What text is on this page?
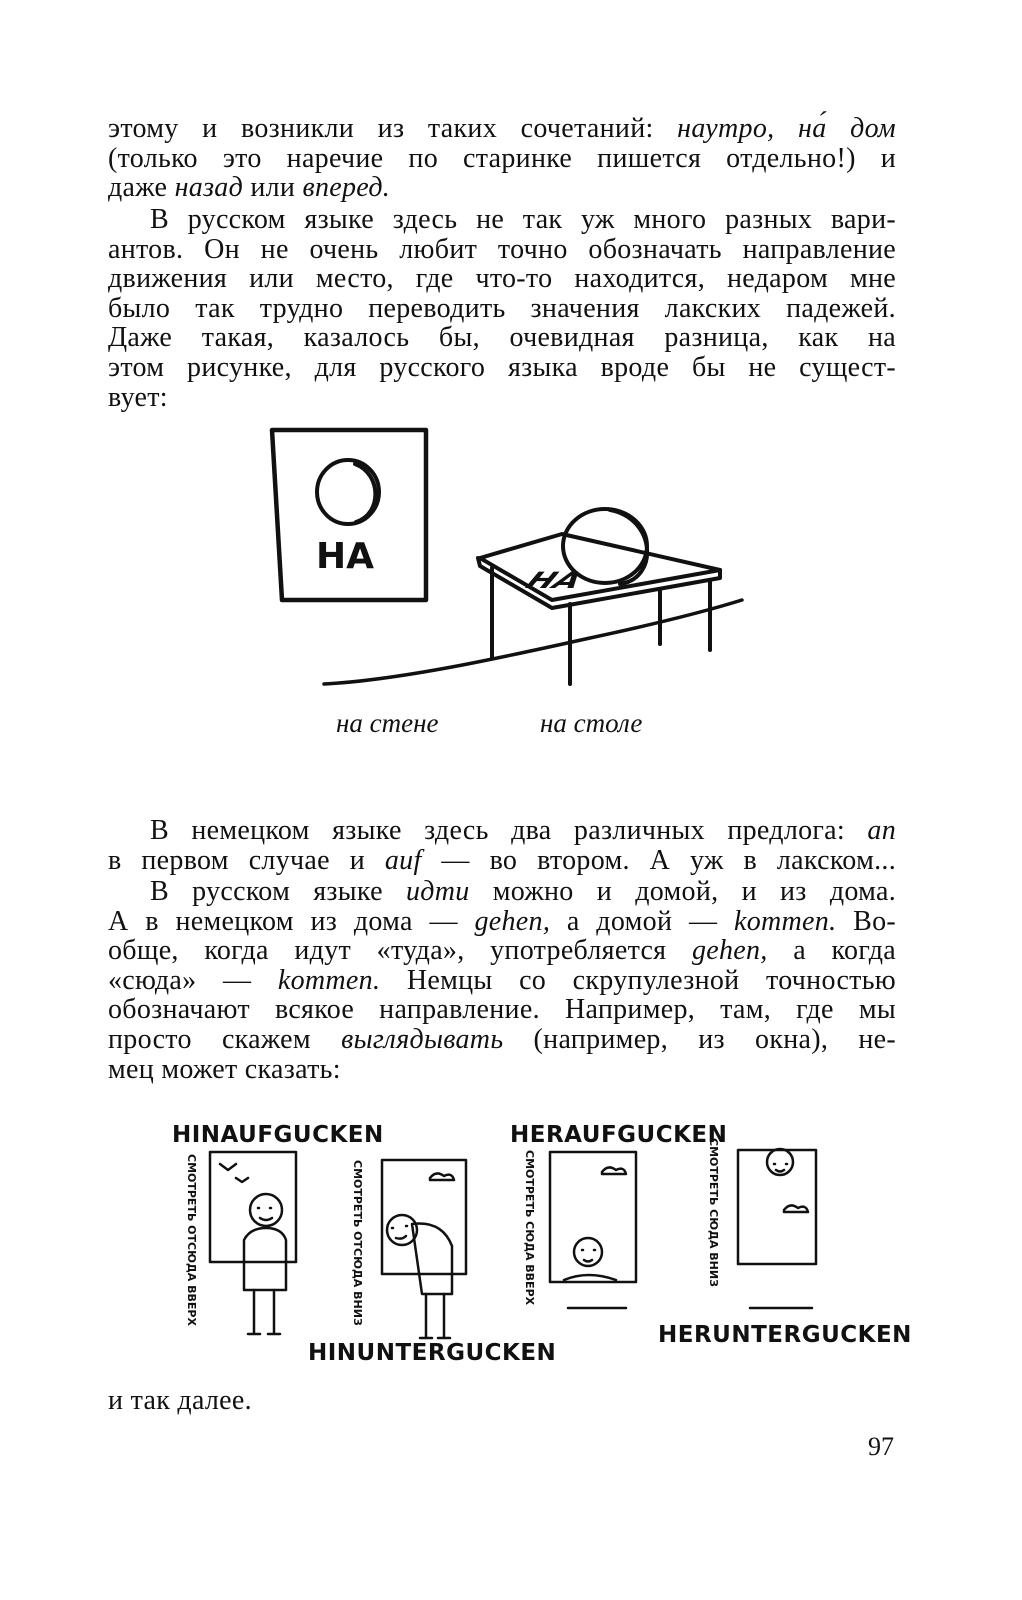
этому и возникли из таких сочетаний: наутро, на́ дом
(только это наречие по старинке пишется отдельно!) и
даже назад или вперед.
В русском языке здесь не так уж много разных вари-
антов. Он не очень любит точно обозначать направление
движения или место, где что-то находится, недаром мне
было так трудно переводить значения лакских падежей.
Даже такая, казалось бы, очевидная разница, как на
этом рисунке, для русского языка вроде бы не сущест-
вует:
НА
НА
на стене	на столе
В немецком языке здесь два различных предлога: an
в первом случае и auf — во втором. А уж в лакском...
В русском языке идти можно и домой, и из дома.
А в немецком из дома — gehen, а домой — kommen. Во-
обще, когда идут «туда», употребляется gehen, а когда
«сюда» — kommen. Немцы со скрупулезной точностью
обозначают всякое направление. Например, там, где мы
просто скажем выглядывать (например, из окна), не-
мец может сказать:
HINAUFGUCKEN
HINUNTERGUCKEN
HERAUFGUCKEN
HERUNTERGUCKEN
СМОТРЕТЬ ОТСЮДА ВВЕРХ	СМОТРЕТЬ ОТСЮДА ВНИЗ	СМОТРЕТЬ СЮДА ВВЕРХ	СМОТРЕТЬ СЮДА ВНИЗ
и так далее.
97
